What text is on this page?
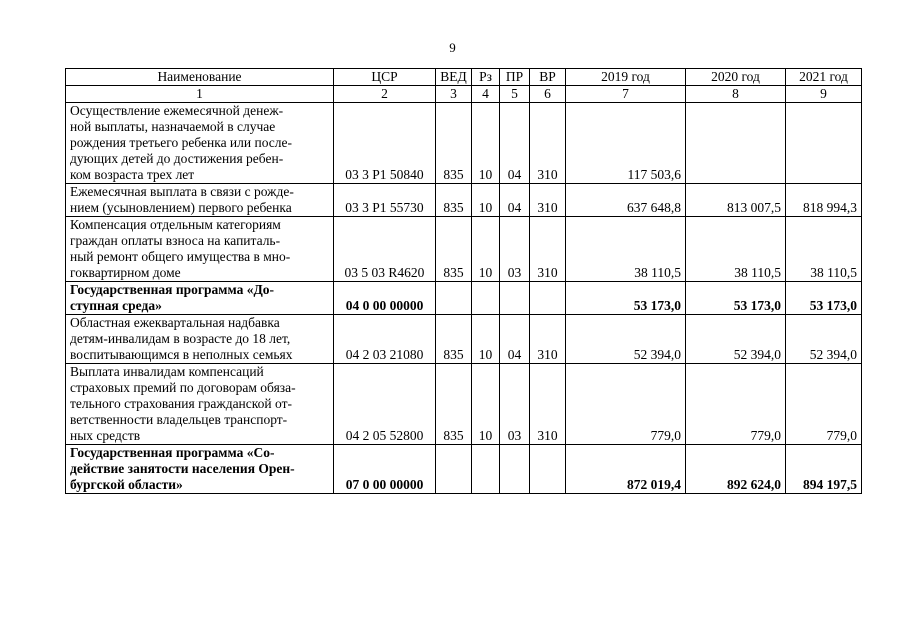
9
Наименование	ЦСР	ВЕД	Рз	ПР	ВР	2019 год	2020 год	2021 год
1	2	3	4	5	6	7	8	9

Осуществление ежемесячной денеж-
ной выплаты, назначаемой в случае
рождения третьего ребенка или после-
дующих детей до достижения ребен-
ком возраста трех лет	03 3 P1 50840	835	10	04	310	117 503,6		

Ежемесячная выплата в связи с рожде-
нием (усыновлением) первого ребенка	03 3 P1 55730	835	10	04	310	637 648,8	813 007,5	818 994,3

Компенсация отдельным категориям
граждан оплаты взноса на капиталь-
ный ремонт общего имущества в мно-
гоквартирном доме	03 5 03 R4620	835	10	03	310	38 110,5	38 110,5	38 110,5

Государственная программа «До-
ступная среда»	04 0 00 00000					53 173,0	53 173,0	53 173,0

Областная ежеквартальная надбавка
детям-инвалидам в возрасте до 18 лет,
воспитывающимся в неполных семьях	04 2 03 21080	835	10	04	310	52 394,0	52 394,0	52 394,0

Выплата инвалидам компенсаций
страховых премий по договорам обяза-
тельного страхования гражданской от-
ветственности владельцев транспорт-
ных средств	04 2 05 52800	835	10	03	310	779,0	779,0	779,0

Государственная программа «Со-
действие занятости населения Орен-
бургской области»	07 0 00 00000					872 019,4	892 624,0	894 197,5
